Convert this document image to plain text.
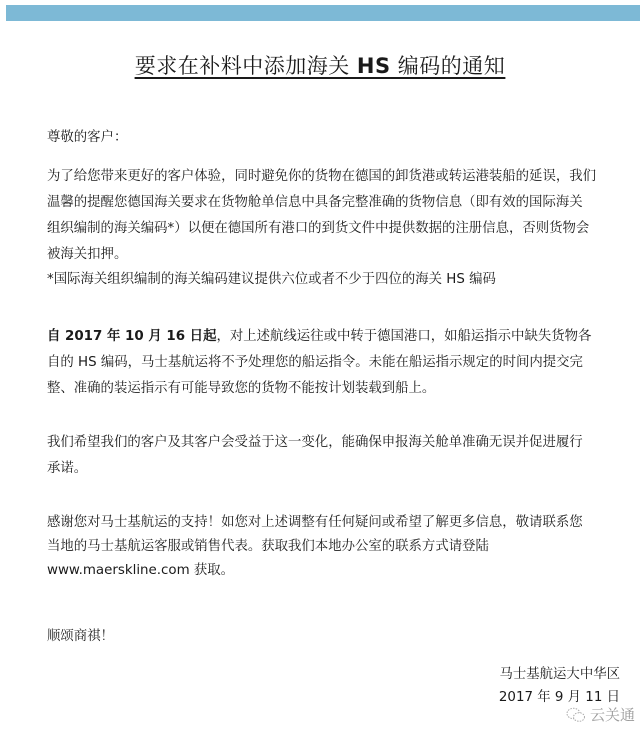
要求在补料中添加海关 HS 编码的通知
尊敬的客户：
为了给您带来更好的客户体验，同时避免你的货物在德国的卸货港或转运港装船的延误，我们
温馨的提醒您德国海关要求在货物舱单信息中具备完整准确的货物信息（即有效的国际海关
组织编制的海关编码*）以便在德国所有港口的到货文件中提供数据的注册信息，否则货物会
被海关扣押。
*国际海关组织编制的海关编码建议提供六位或者不少于四位的海关 HS 编码
自 2017 年 10 月 16 日起，对上述航线运往或中转于德国港口，如船运指示中缺失货物各
自的 HS 编码，马士基航运将不予处理您的船运指令。未能在船运指示规定的时间内提交完
整、准确的装运指示有可能导致您的货物不能按计划装载到船上。
我们希望我们的客户及其客户会受益于这一变化，能确保申报海关舱单准确无误并促进履行
承诺。
感谢您对马士基航运的支持！如您对上述调整有任何疑问或希望了解更多信息，敬请联系您
当地的马士基航运客服或销售代表。获取我们本地办公室的联系方式请登陆
www.maerskline.com 获取。
顺颂商祺！
马士基航运大中华区
2017 年 9 月 11 日
云关通
